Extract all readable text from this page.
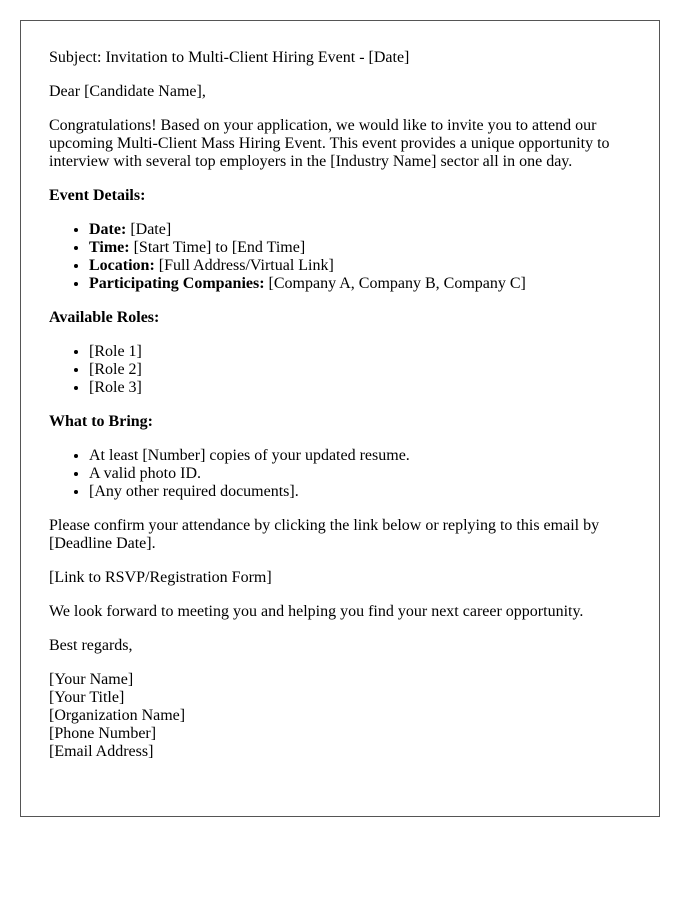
Subject: Invitation to Multi-Client Hiring Event - [Date]

Dear [Candidate Name],

Congratulations! Based on your application, we would like to invite you to attend our upcoming Multi-Client Mass Hiring Event. This event provides a unique opportunity to interview with several top employers in the [Industry Name] sector all in one day.

Event Details:
• Date: [Date]
• Time: [Start Time] to [End Time]
• Location: [Full Address/Virtual Link]
• Participating Companies: [Company A, Company B, Company C]
Available Roles:
• [Role 1]
• [Role 2]
• [Role 3]
What to Bring:
• At least [Number] copies of your updated resume.
• A valid photo ID.
• [Any other required documents].

Please confirm your attendance by clicking the link below or replying to this email by [Deadline Date].

[Link to RSVP/Registration Form]

We look forward to meeting you and helping you find your next career opportunity.

Best regards,

[Your Name]
[Your Title]
[Organization Name]
[Phone Number]
[Email Address]
